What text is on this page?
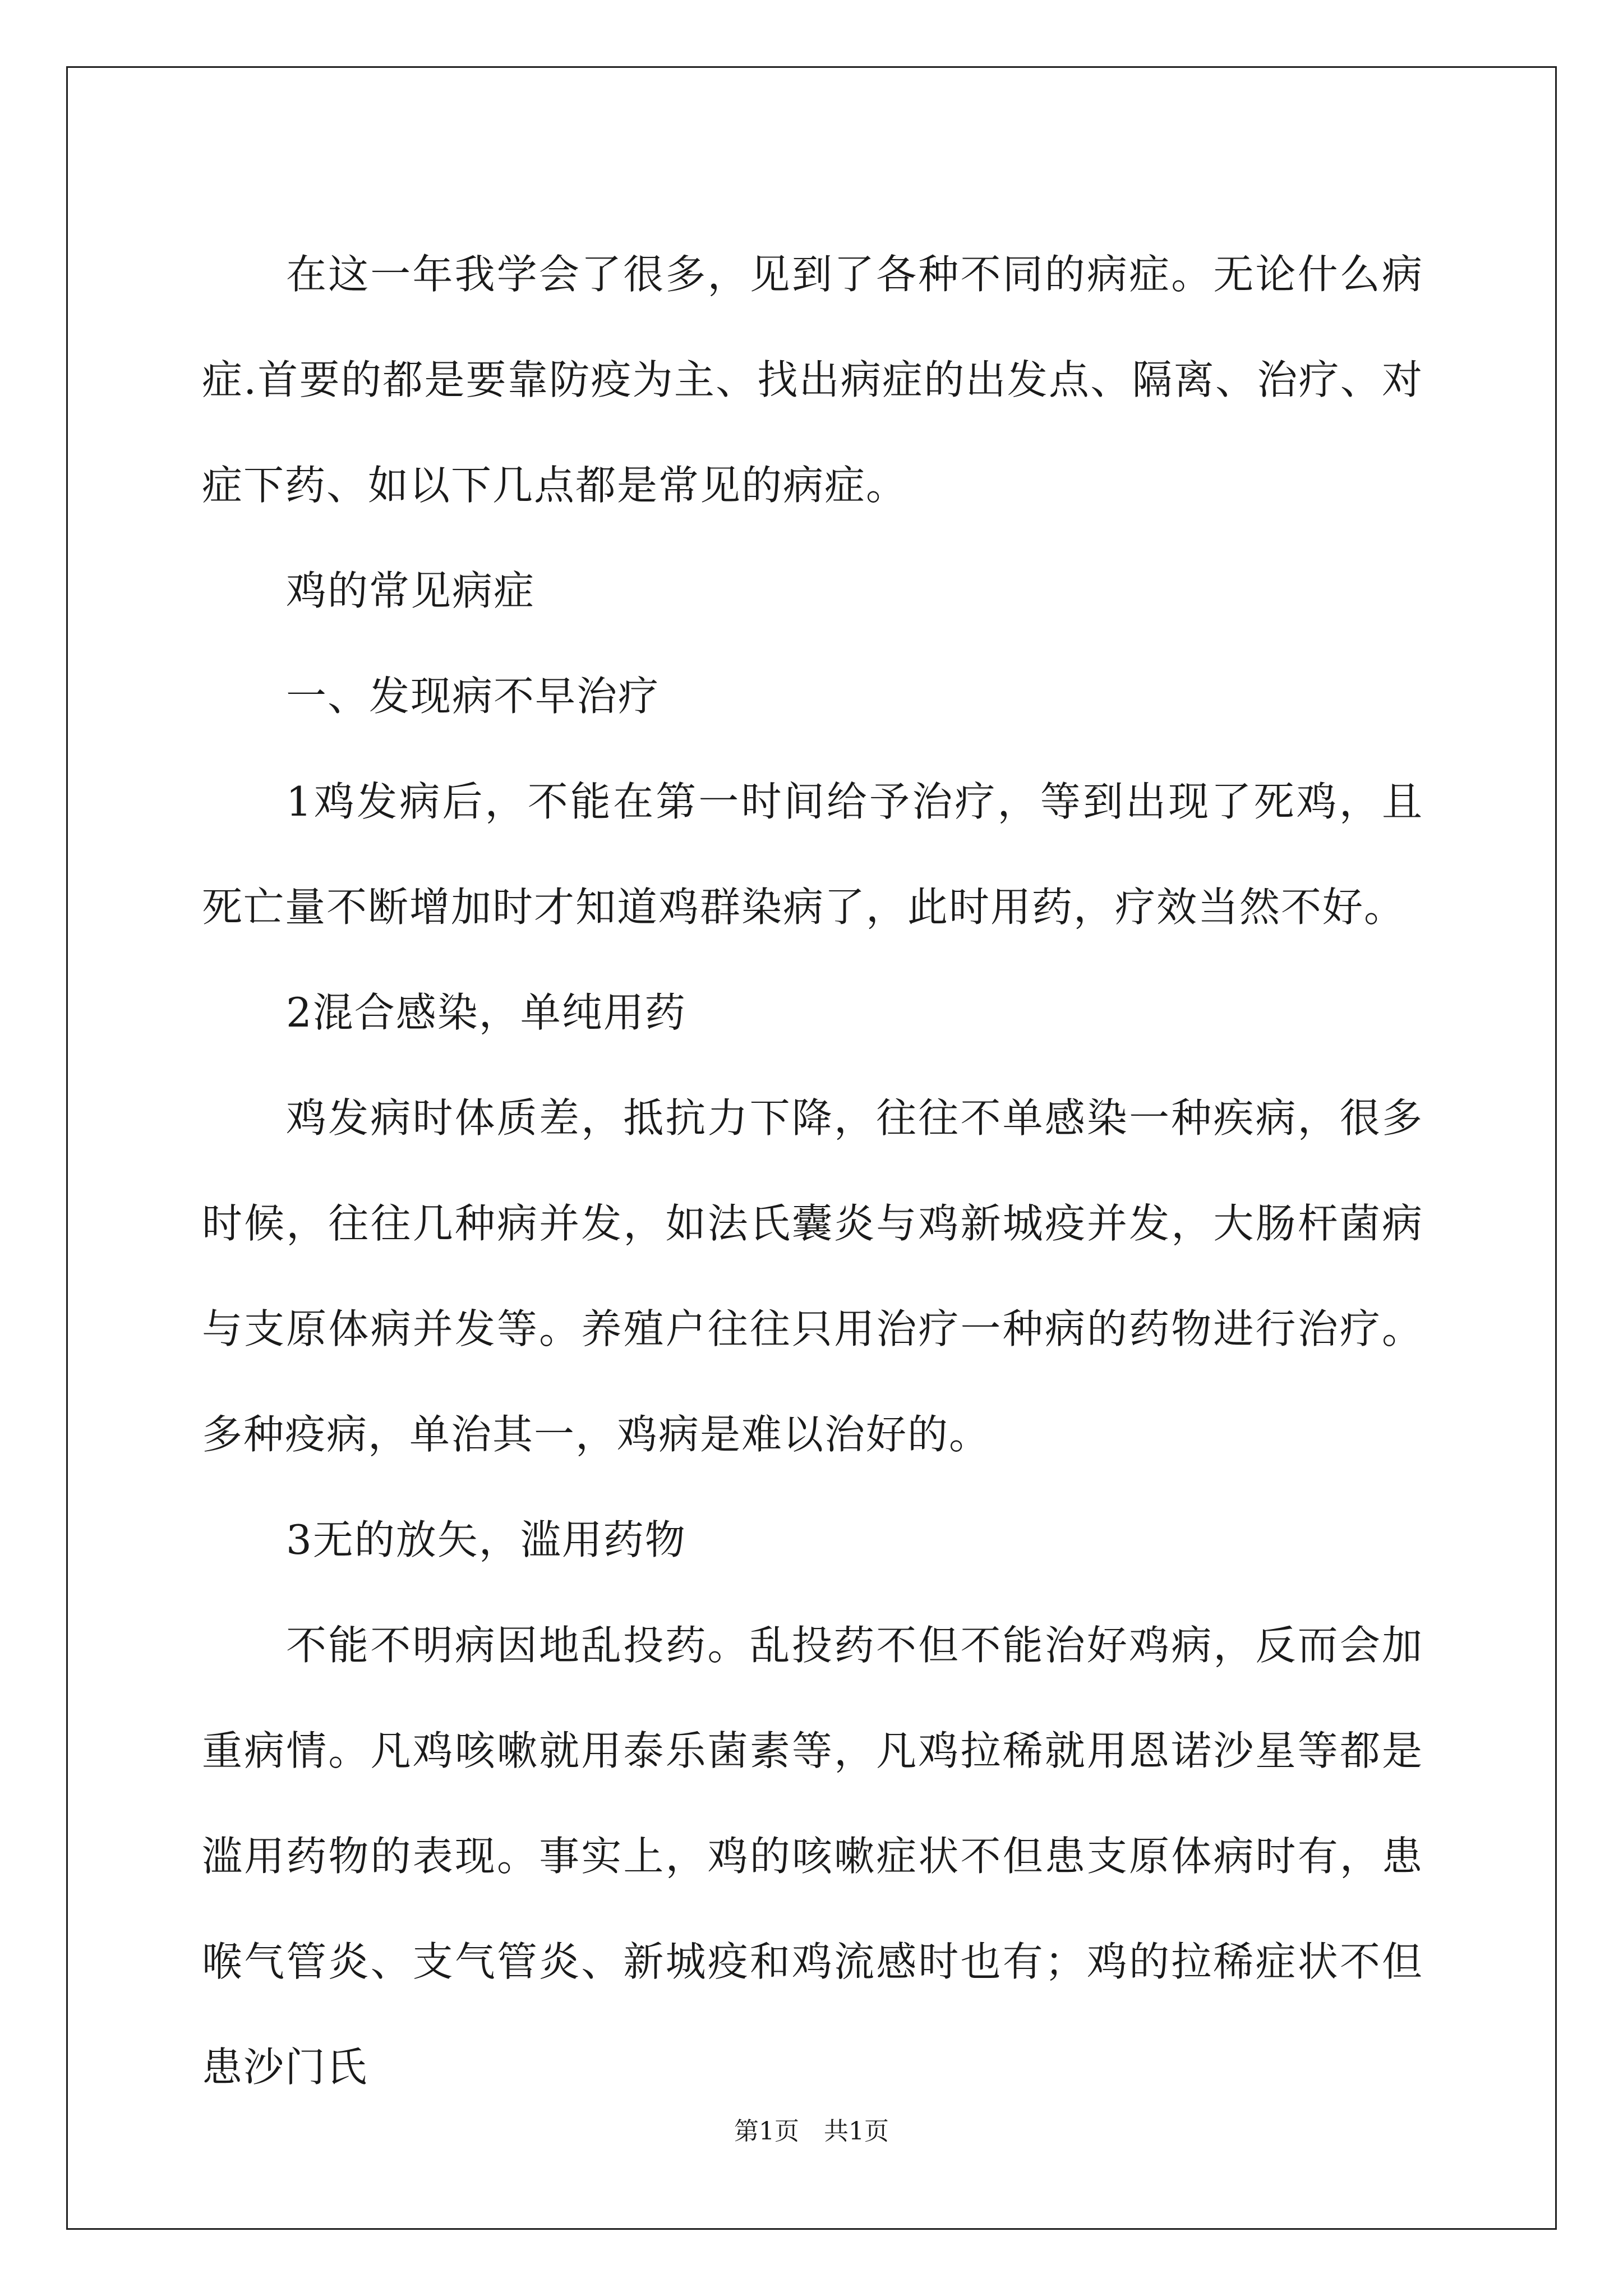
在这一年我学会了很多，见到了各种不同的病症。无论什么病症.首要的都是要靠防疫为主、找出病症的出发点、隔离、治疗、对症下药、如以下几点都是常见的病症。

鸡的常见病症

一、发现病不早治疗

1鸡发病后，不能在第一时间给予治疗，等到出现了死鸡，且死亡量不断增加时才知道鸡群染病了，此时用药，疗效当然不好。

2混合感染，单纯用药

鸡发病时体质差，抵抗力下降，往往不单感染一种疾病，很多时候，往往几种病并发，如法氏囊炎与鸡新城疫并发，大肠杆菌病与支原体病并发等。养殖户往往只用治疗一种病的药物进行治疗。多种疫病，单治其一，鸡病是难以治好的。

3无的放矢，滥用药物

不能不明病因地乱投药。乱投药不但不能治好鸡病，反而会加重病情。凡鸡咳嗽就用泰乐菌素等，凡鸡拉稀就用恩诺沙星等都是滥用药物的表现。事实上，鸡的咳嗽症状不但患支原体病时有，患喉气管炎、支气管炎、新城疫和鸡流感时也有；鸡的拉稀症状不但患沙门氏

第1页　共1页
